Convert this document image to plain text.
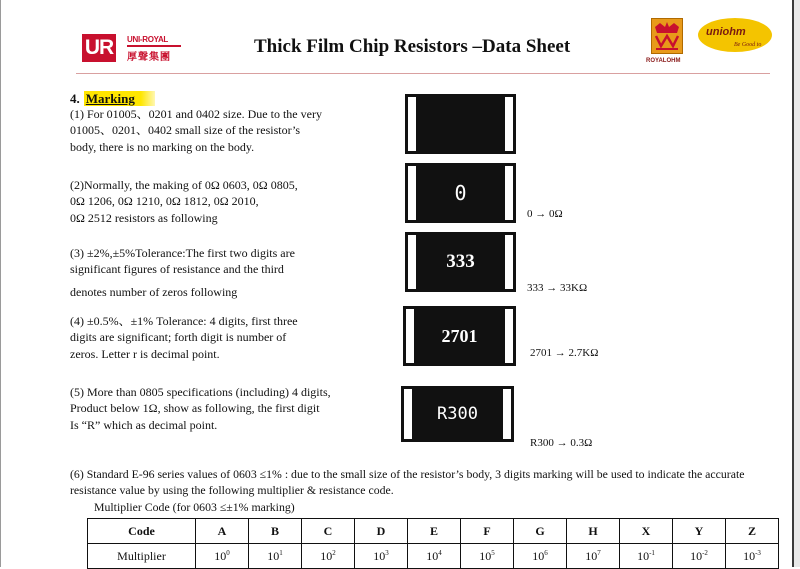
UR	UNI-ROYAL
厚聲集團
Thick Film Chip Resistors –Data Sheet
ROYALOHM
uniohm
Be Good to
4. Marking
(1) For 01005、0201 and 0402 size. Due to the very
01005、0201、0402 small size of the resistor’s
body, there is no marking on the body.
(2)Normally, the making of 0Ω 0603, 0Ω 0805,
0Ω 1206, 0Ω 1210, 0Ω 1812, 0Ω 2010,
0Ω 2512 resistors as following
0
0 → 0Ω
(3) ±2%,±5%Tolerance:The first two digits are
significant figures of resistance and the third
denotes number of zeros following
333
333 → 33KΩ
(4) ±0.5%、±1% Tolerance: 4 digits, first three
digits are significant; forth digit is number of
zeros. Letter r is decimal point.
2701
2701 → 2.7KΩ
(5) More than 0805 specifications (including) 4 digits,
Product below 1Ω, show as following, the first digit
Is “R” which as decimal point.
R300
R300 → 0.3Ω
(6) Standard E-96 series values of 0603 ≤1% : due to the small size of the resistor’s body, 3 digits marking will be used to indicate the accurate
resistance value by using the following multiplier & resistance code.
Multiplier Code (for 0603 ≤±1% marking)
Code	A	B	C	D	E	F	G	H	X	Y	Z
Multiplier	$10^0$	$10^1$	$10^2$	$10^3$	$10^4$	$10^5$	$10^6$	$10^7$	$10^{-1}$	$10^{-2}$	$10^{-3}$
